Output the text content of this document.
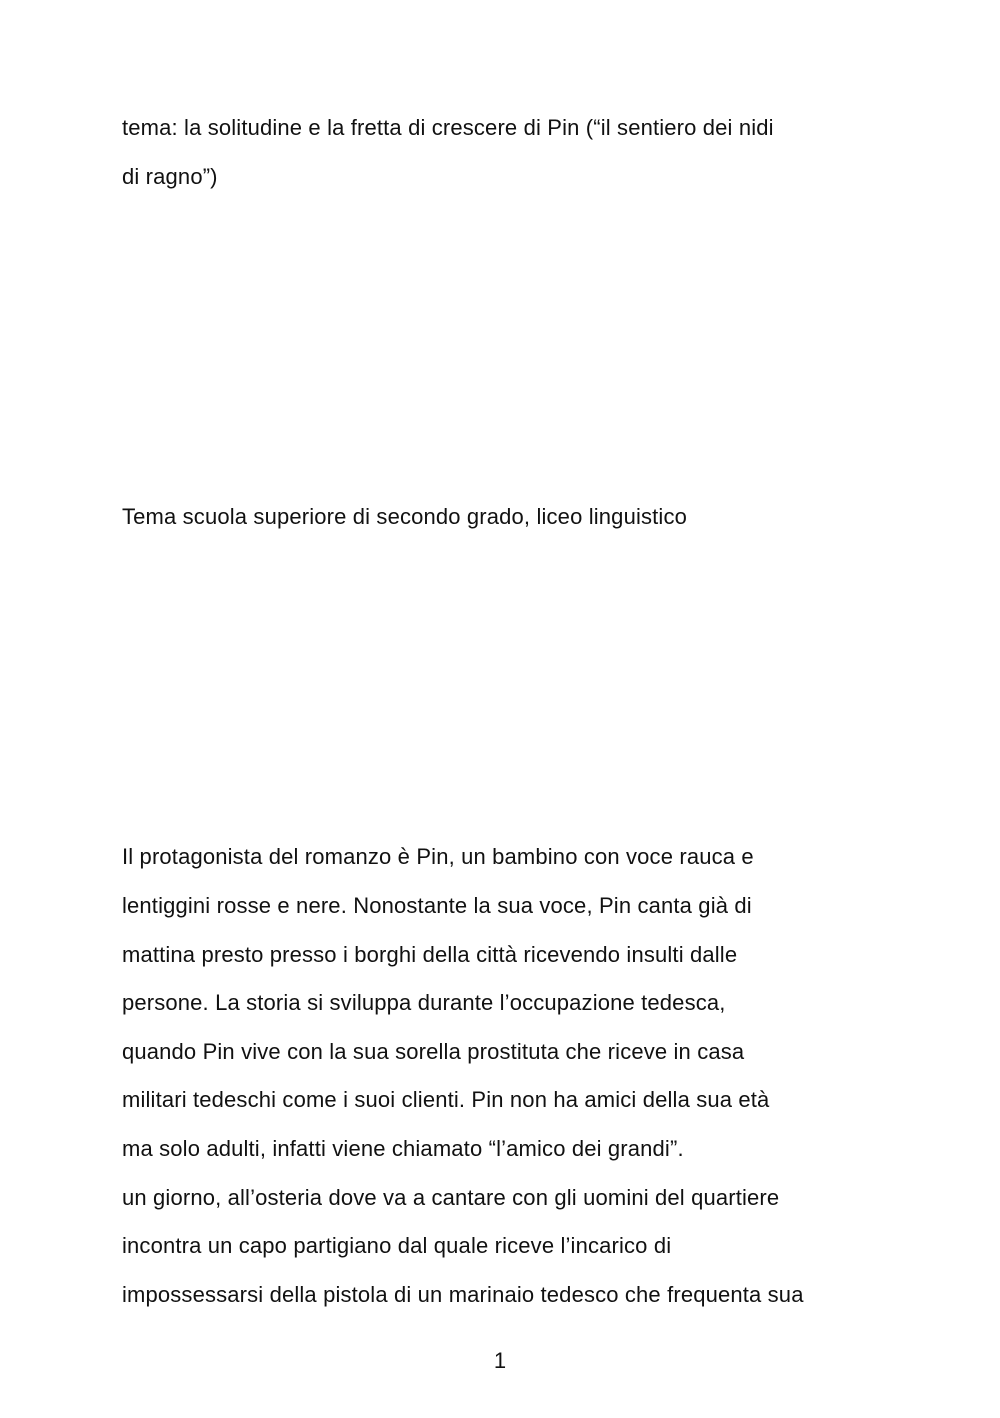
tema: la solitudine e la fretta di crescere di Pin (“il sentiero dei nidi
di ragno”)
Tema scuola superiore di secondo grado, liceo linguistico
Il protagonista del romanzo è Pin, un bambino con voce rauca e
lentiggini rosse e nere. Nonostante la sua voce, Pin canta già di
mattina presto presso i borghi della città ricevendo insulti dalle
persone. La storia si sviluppa durante l’occupazione tedesca,
quando Pin vive con la sua sorella prostituta che riceve in casa
militari tedeschi come i suoi clienti. Pin non ha amici della sua età
ma solo adulti, infatti viene chiamato “l’amico dei grandi”.
un giorno, all’osteria dove va a cantare con gli uomini del quartiere
incontra un capo partigiano dal quale riceve l’incarico di
impossessarsi della pistola di un marinaio tedesco che frequenta sua
1
